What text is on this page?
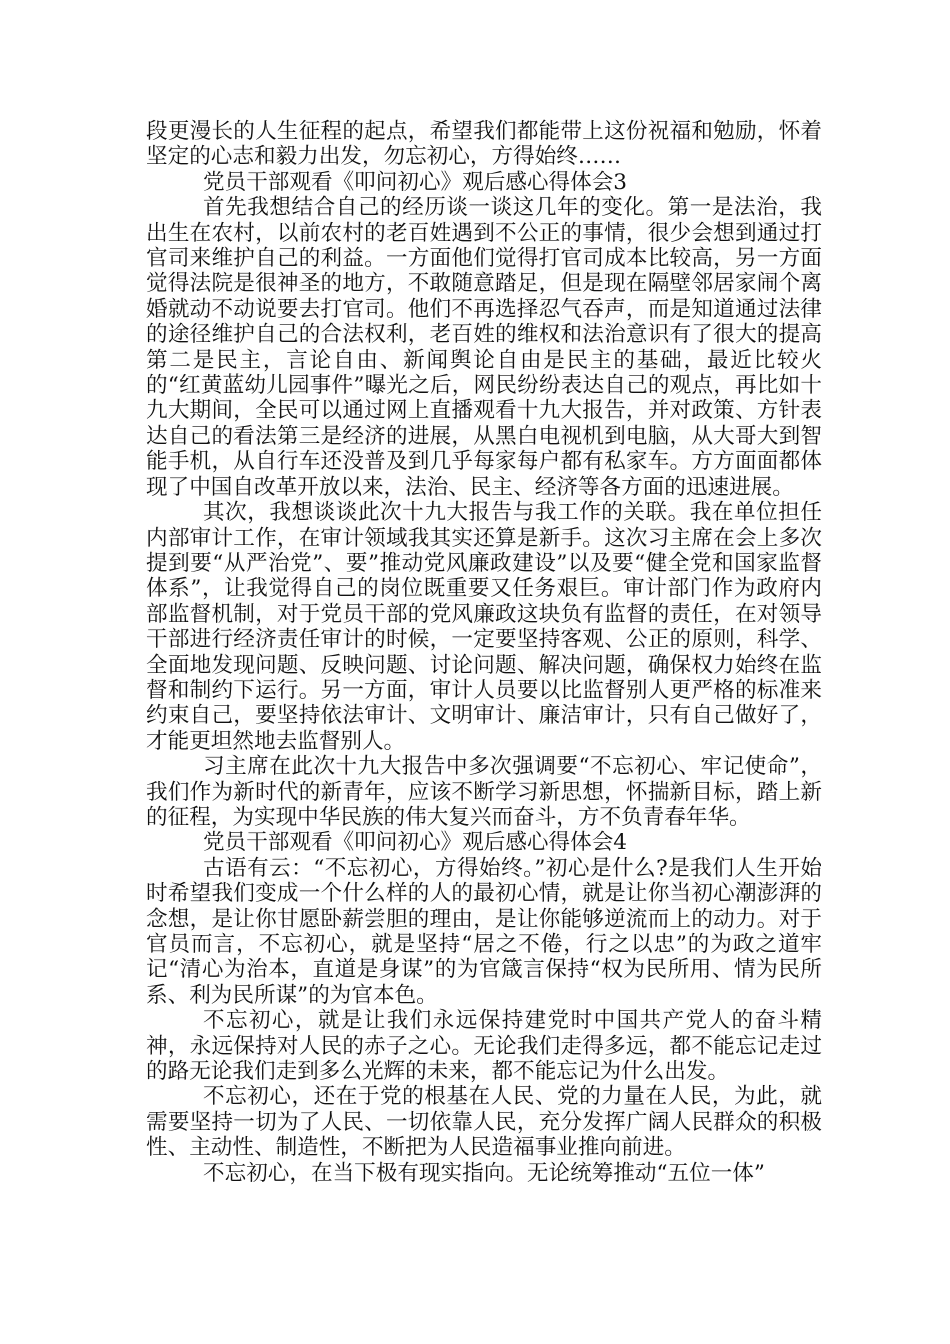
段更漫长的人生征程的起点，希望我们都能带上这份祝福和勉励，怀着坚定的心志和毅力出发，勿忘初心，方得始终……

党员干部观看《叩问初心》观后感心得体会3

首先我想结合自己的经历谈一谈这几年的变化。第一是法治，我出生在农村，以前农村的老百姓遇到不公正的事情，很少会想到通过打官司来维护自己的利益。一方面他们觉得打官司成本比较高，另一方面觉得法院是很神圣的地方，不敢随意踏足，但是现在隔壁邻居家闹个离婚就动不动说要去打官司。他们不再选择忍气吞声，而是知道通过法律的途径维护自己的合法权利，老百姓的维权和法治意识有了很大的提高第二是民主，言论自由、新闻舆论自由是民主的基础，最近比较火的“红黄蓝幼儿园事件”曝光之后，网民纷纷表达自己的观点，再比如十九大期间，全民可以通过网上直播观看十九大报告，并对政策、方针表达自己的看法第三是经济的进展，从黑白电视机到电脑，从大哥大到智能手机，从自行车还没普及到几乎每家每户都有私家车。方方面面都体现了中国自改革开放以来，法治、民主、经济等各方面的迅速进展。

其次，我想谈谈此次十九大报告与我工作的关联。我在单位担任内部审计工作，在审计领域我其实还算是新手。这次习主席在会上多次提到要“从严治党”、要”推动党风廉政建设”以及要“健全党和国家监督体系”，让我觉得自己的岗位既重要又任务艰巨。审计部门作为政府内部监督机制，对于党员干部的党风廉政这块负有监督的责任，在对领导干部进行经济责任审计的时候，一定要坚持客观、公正的原则，科学、全面地发现问题、反映问题、讨论问题、解决问题，确保权力始终在监督和制约下运行。另一方面，审计人员要以比监督别人更严格的标准来约束自己，要坚持依法审计、文明审计、廉洁审计，只有自己做好了，才能更坦然地去监督别人。

习主席在此次十九大报告中多次强调要“不忘初心、牢记使命”，我们作为新时代的新青年，应该不断学习新思想，怀揣新目标，踏上新的征程，为实现中华民族的伟大复兴而奋斗，方不负青春年华。

党员干部观看《叩问初心》观后感心得体会4

古语有云：“不忘初心，方得始终。”初心是什么?是我们人生开始时希望我们变成一个什么样的人的最初心情，就是让你当初心潮澎湃的念想，是让你甘愿卧薪尝胆的理由，是让你能够逆流而上的动力。对于官员而言，不忘初心，就是坚持“居之不倦，行之以忠”的为政之道牢记“清心为治本，直道是身谋”的为官箴言保持“权为民所用、情为民所系、利为民所谋”的为官本色。

不忘初心，就是让我们永远保持建党时中国共产党人的奋斗精神，永远保持对人民的赤子之心。无论我们走得多远，都不能忘记走过的路无论我们走到多么光辉的未来，都不能忘记为什么出发。

不忘初心，还在于党的根基在人民、党的力量在人民，为此，就需要坚持一切为了人民、一切依靠人民，充分发挥广阔人民群众的积极性、主动性、制造性，不断把为人民造福事业推向前进。

不忘初心，在当下极有现实指向。无论统筹推动“五位一体”
